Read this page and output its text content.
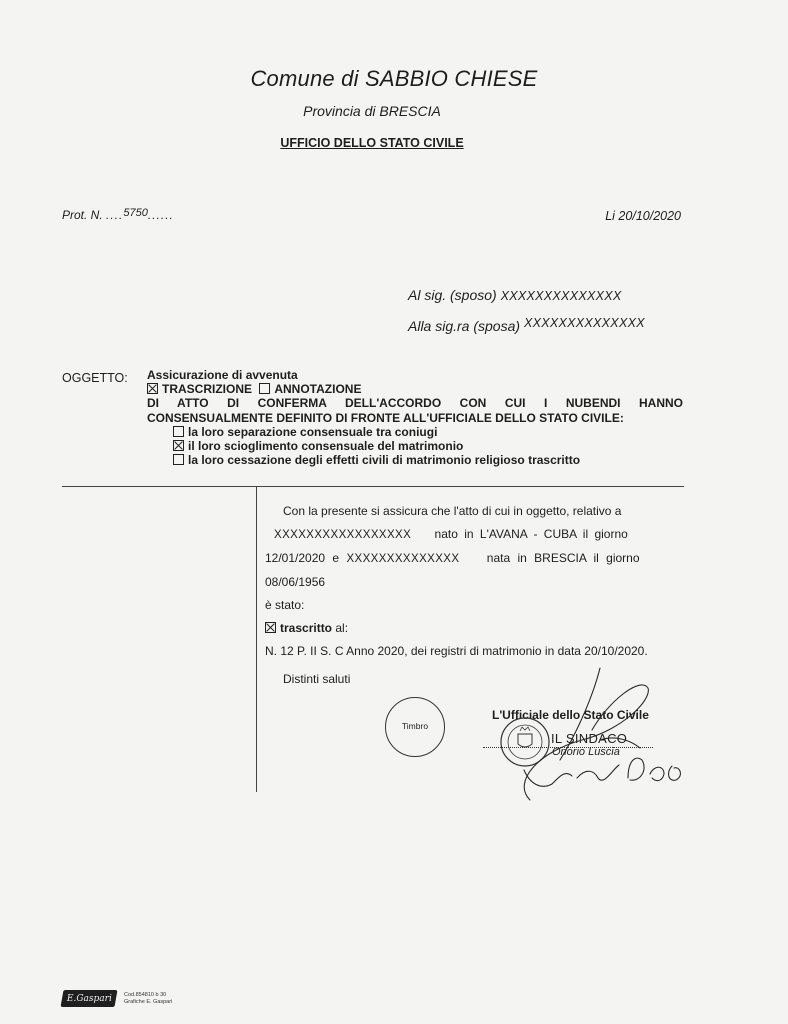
Comune di SABBIO CHIESE
Provincia di BRESCIA
UFFICIO DELLO STATO CIVILE
Prot. N. ....5750......	Li 20/10/2020
Al sig. (sposo) XXXXXXXXXXXXXX
Alla sig.ra (sposa) XXXXXXXXXXXXXX
OGGETTO: Assicurazione di avvenuta
TRASCRIZIONE ANNOTAZIONE
DI ATTO DI CONFERMA DELL'ACCORDO CON CUI I NUBENDI HANNO
CONSENSUALMENTE DEFINITO DI FRONTE ALL'UFFICIALE DELLO STATO CIVILE:
la loro separazione consensuale tra coniugi
il loro scioglimento consensuale del matrimonio
la loro cessazione degli effetti civili di matrimonio religioso trascritto
Con la presente si assicura che l'atto di cui in oggetto, relativo a
XXXXXXXXXXXXXXXXX nato in L'AVANA - CUBA il giorno
12/01/2020 e XXXXXXXXXXXXXX nata in BRESCIA il giorno
08/06/1956
è stato:
trascritto al:
N. 12 P. II S. C Anno 2020, dei registri di matrimonio in data 20/10/2020.
Distinti saluti
Timbro
L'Ufficiale dello Stato Civile
IL SINDACO
Onorio Luscia
E.Gaspari Cod.854810 b 30
Grafiche E. Gaspari
